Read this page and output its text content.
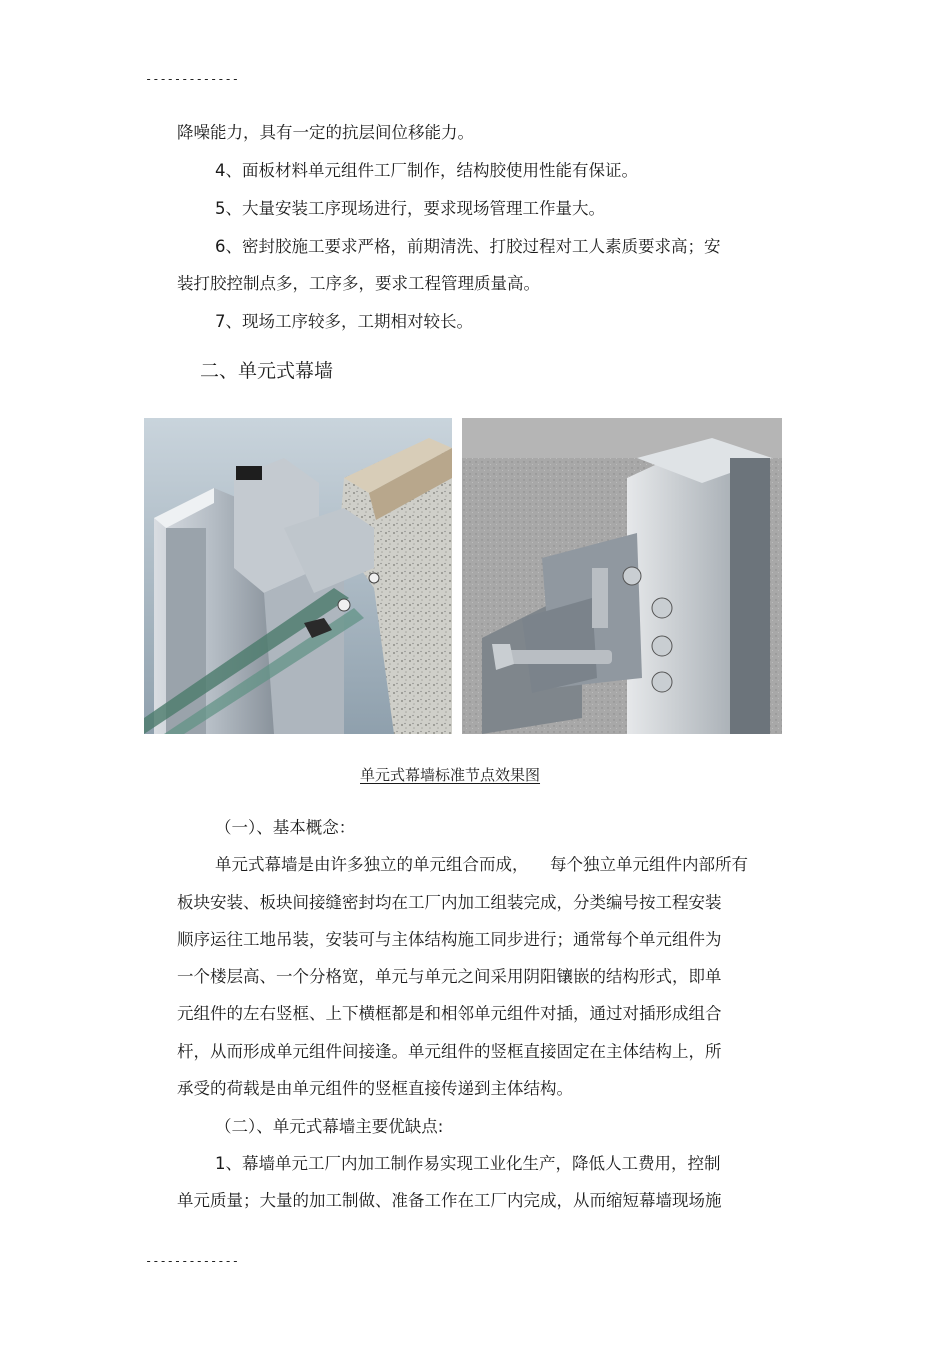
-------------
降噪能力，具有一定的抗层间位移能力。
4、面板材料单元组件工厂制作，结构胶使用性能有保证。
5、大量安装工序现场进行，要求现场管理工作量大。
6、密封胶施工要求严格，前期清洗、打胶过程对工人素质要求高；安
装打胶控制点多，工序多，要求工程管理质量高。
7、现场工序较多，工期相对较长。
二、单元式幕墙
单元式幕墙标准节点效果图
（一）、基本概念：
单元式幕墙是由许多独立的单元组合而成， 每个独立单元组件内部所有
板块安装、板块间接缝密封均在工厂内加工组装完成，分类编号按工程安装
顺序运往工地吊装，安装可与主体结构施工同步进行；通常每个单元组件为
一个楼层高、一个分格宽，单元与单元之间采用阴阳镶嵌的结构形式，即单
元组件的左右竖框、上下横框都是和相邻单元组件对插，通过对插形成组合
杆，从而形成单元组件间接逢。单元组件的竖框直接固定在主体结构上，所
承受的荷载是由单元组件的竖框直接传递到主体结构。
（二）、单元式幕墙主要优缺点:
1、幕墙单元工厂内加工制作易实现工业化生产，降低人工费用，控制
单元质量；大量的加工制做、准备工作在工厂内完成，从而缩短幕墙现场施
-------------
